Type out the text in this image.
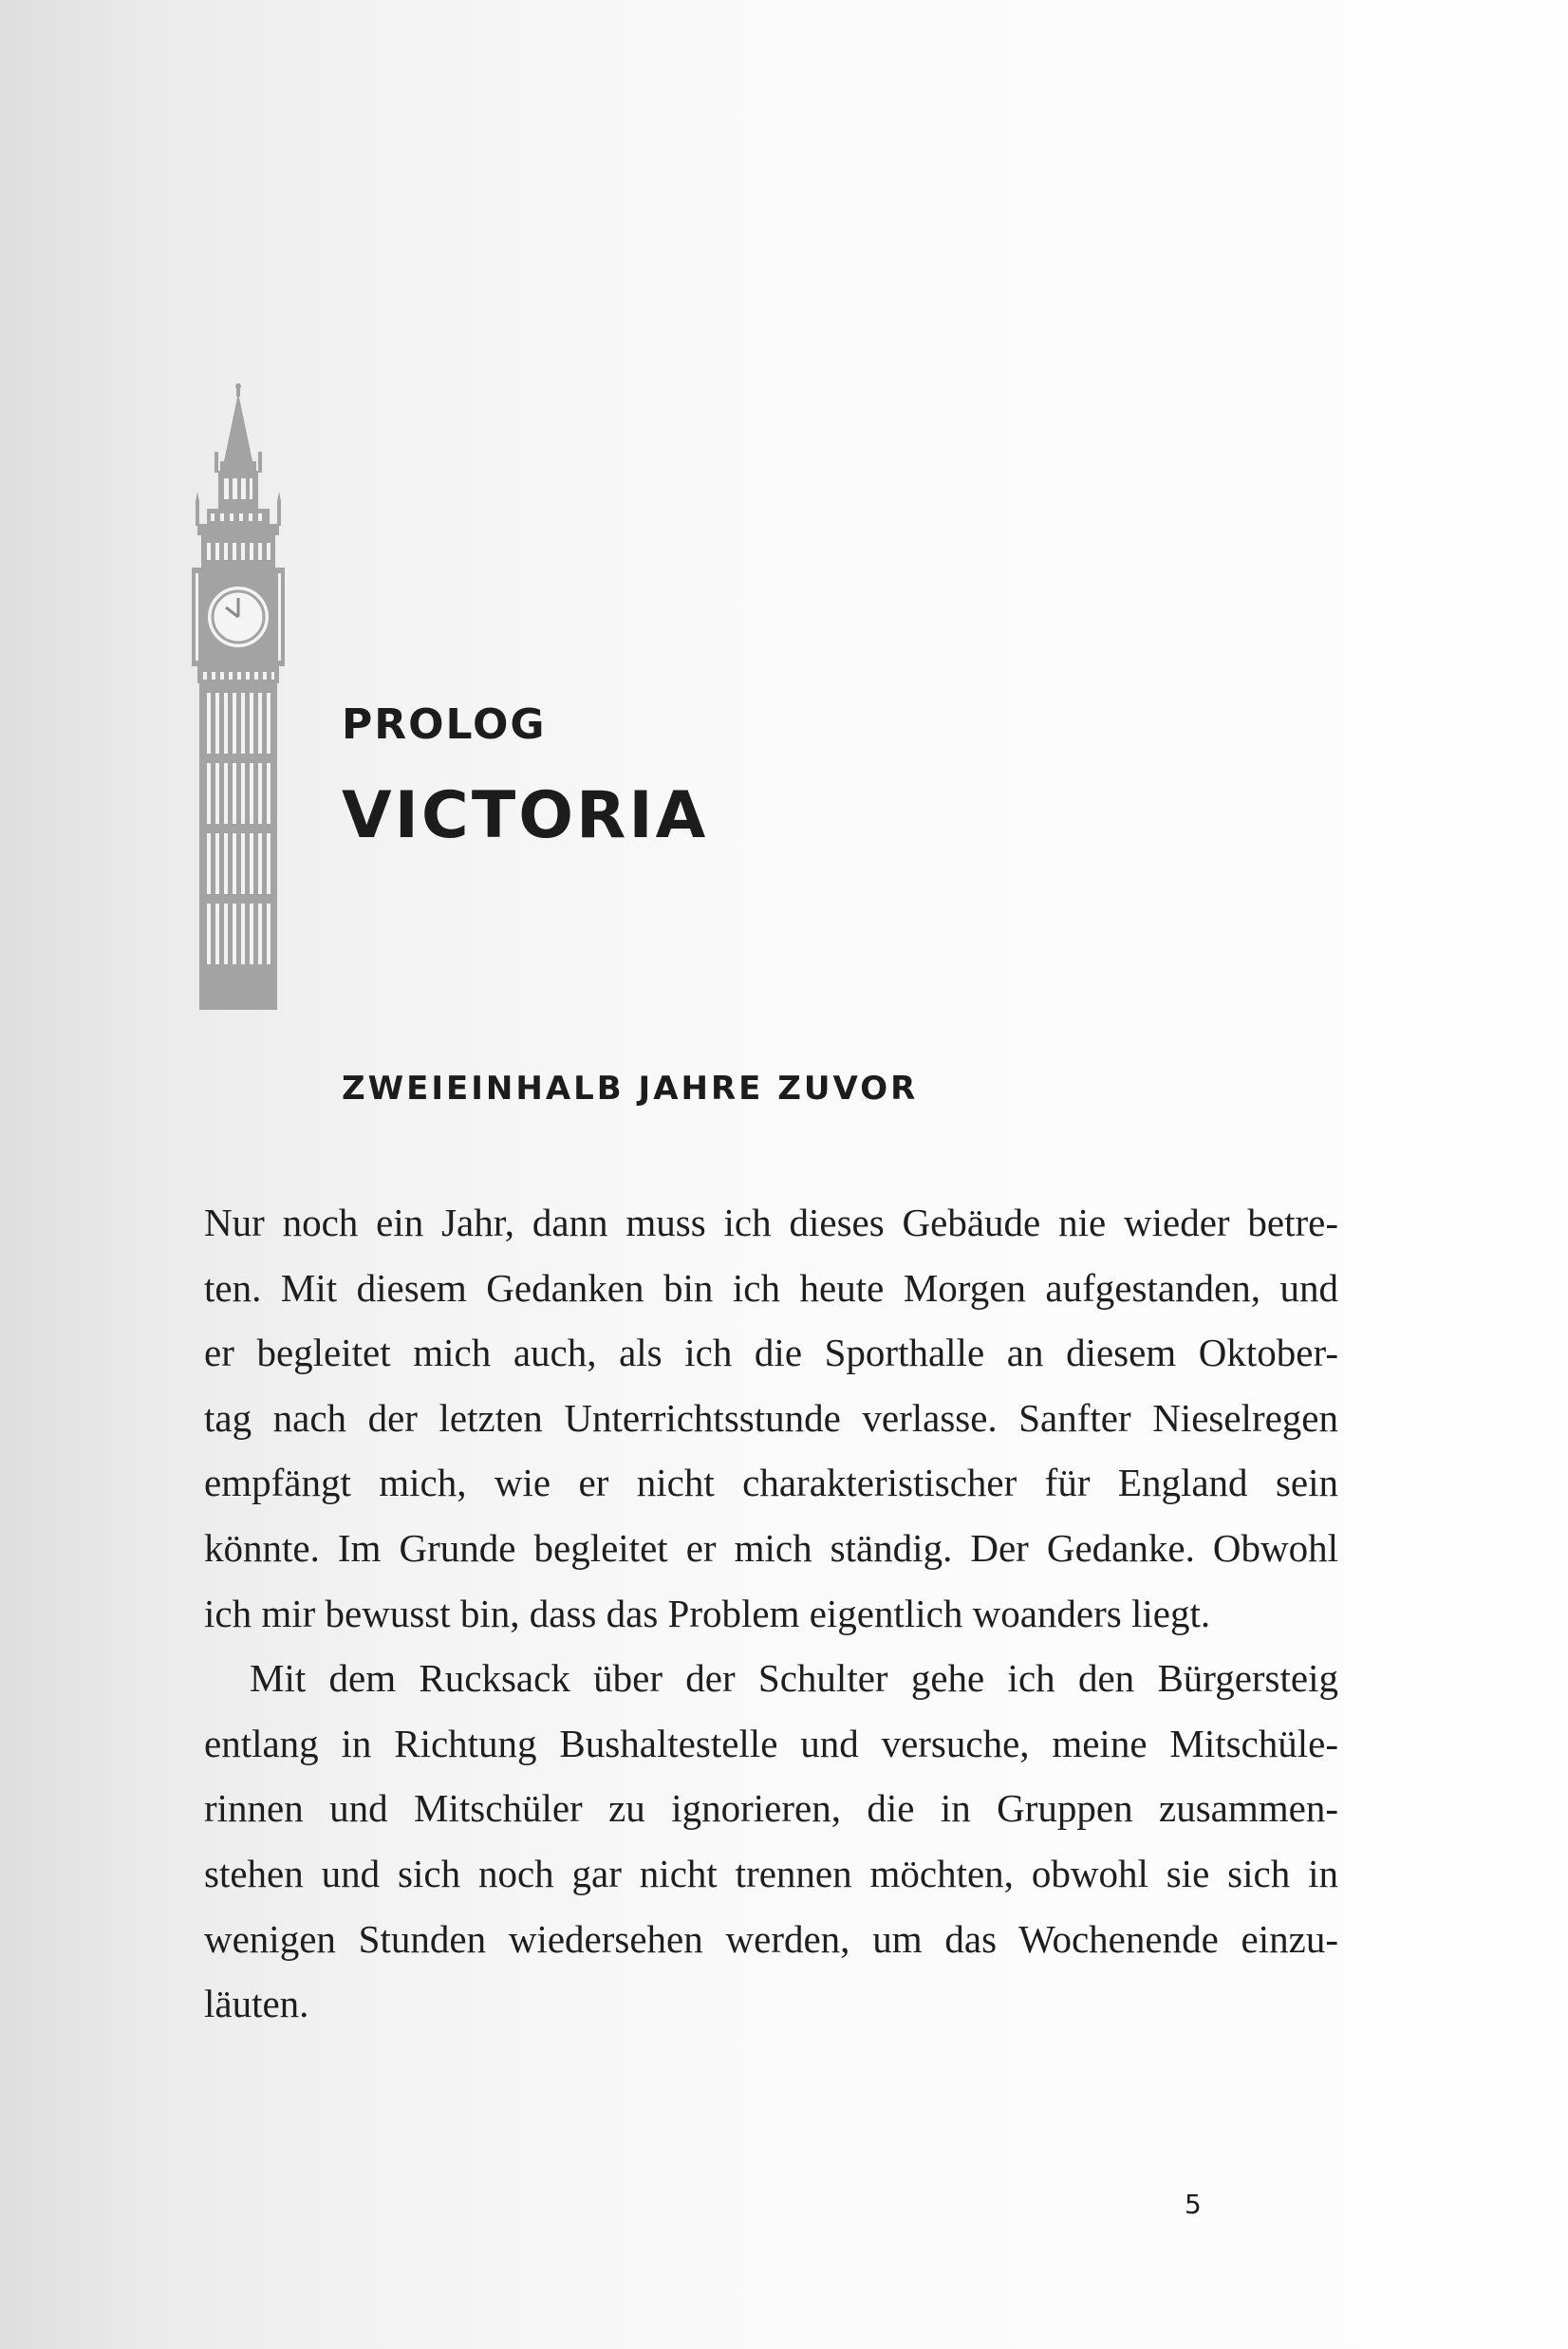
PROLOG
VICTORIA
ZWEIEINHALB JAHRE ZUVOR

Nur noch ein Jahr, dann muss ich dieses Gebäude nie wieder betre-
ten. Mit diesem Gedanken bin ich heute Morgen aufgestanden, und
er begleitet mich auch, als ich die Sporthalle an diesem Oktober-
tag nach der letzten Unterrichtsstunde verlasse. Sanfter Nieselregen
empfängt mich, wie er nicht charakteristischer für England sein
könnte. Im Grunde begleitet er mich ständig. Der Gedanke. Obwohl
ich mir bewusst bin, dass das Problem eigentlich woanders liegt.

Mit dem Rucksack über der Schulter gehe ich den Bürgersteig
entlang in Richtung Bushaltestelle und versuche, meine Mitschüle-
rinnen und Mitschüler zu ignorieren, die in Gruppen zusammen-
stehen und sich noch gar nicht trennen möchten, obwohl sie sich in
wenigen Stunden wiedersehen werden, um das Wochenende einzu-
läuten.

5
